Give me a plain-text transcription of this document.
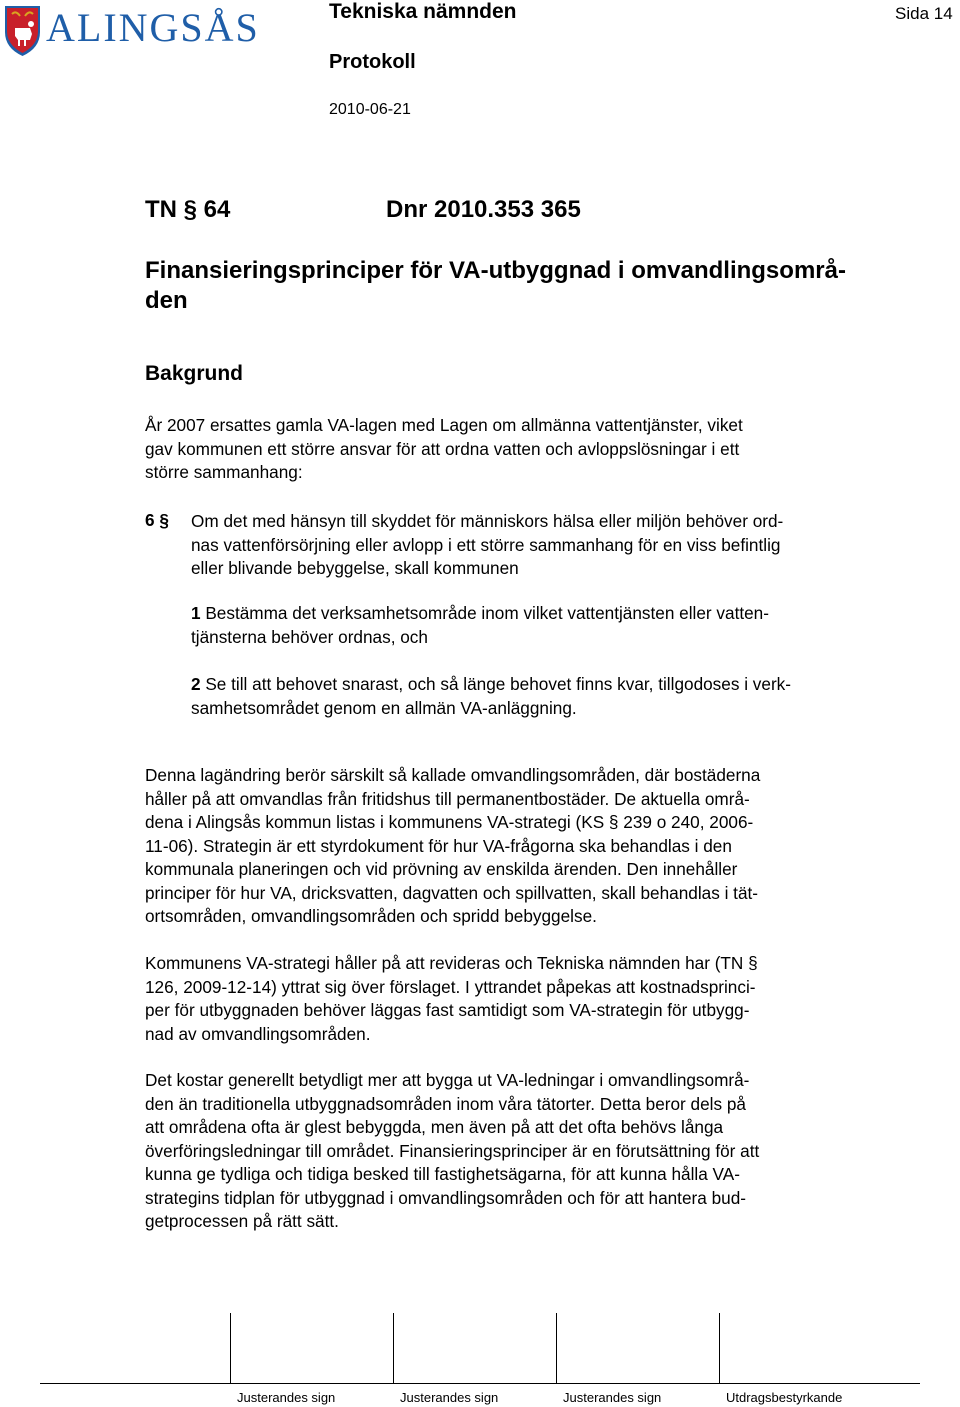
ALINGSÅS	Tekniska nämnden	Sida 14
Protokoll
2010-06-21
TN § 64	Dnr 2010.353 365
Finansieringsprinciper för VA-utbyggnad i omvandlingsområ-
den
Bakgrund
År 2007 ersattes gamla VA-lagen med Lagen om allmänna vattentjänster, viket
gav kommunen ett större ansvar för att ordna vatten och avloppslösningar i ett
större sammanhang:
6 § Om det med hänsyn till skyddet för människors hälsa eller miljön behöver ord-
nas vattenförsörjning eller avlopp i ett större sammanhang för en viss befintlig
eller blivande bebyggelse, skall kommunen
1 Bestämma det verksamhetsområde inom vilket vattentjänsten eller vatten-
tjänsterna behöver ordnas, och
2 Se till att behovet snarast, och så länge behovet finns kvar, tillgodoses i verk-
samhetsområdet genom en allmän VA-anläggning.
Denna lagändring berör särskilt så kallade omvandlingsområden, där bostäderna
håller på att omvandlas från fritidshus till permanentbostäder. De aktuella områ-
dena i Alingsås kommun listas i kommunens VA-strategi (KS § 239 o 240, 2006-
11-06). Strategin är ett styrdokument för hur VA-frågorna ska behandlas i den
kommunala planeringen och vid prövning av enskilda ärenden. Den innehåller
principer för hur VA, dricksvatten, dagvatten och spillvatten, skall behandlas i tät-
ortsområden, omvandlingsområden och spridd bebyggelse.
Kommunens VA-strategi håller på att revideras och Tekniska nämnden har (TN §
126, 2009-12-14) yttrat sig över förslaget. I yttrandet påpekas att kostnadsprinci-
per för utbyggnaden behöver läggas fast samtidigt som VA-strategin för utbygg-
nad av omvandlingsområden.
Det kostar generellt betydligt mer att bygga ut VA-ledningar i omvandlingsområ-
den än traditionella utbyggnadsområden inom våra tätorter. Detta beror dels på
att områdena ofta är glest bebyggda, men även på att det ofta behövs långa
överföringsledningar till området. Finansieringsprinciper är en förutsättning för att
kunna ge tydliga och tidiga besked till fastighetsägarna, för att kunna hålla VA-
strategins tidplan för utbyggnad i omvandlingsområden och för att hantera bud-
getprocessen på rätt sätt.
Justerandes sign	Justerandes sign	Justerandes sign	Utdragsbestyrkande
